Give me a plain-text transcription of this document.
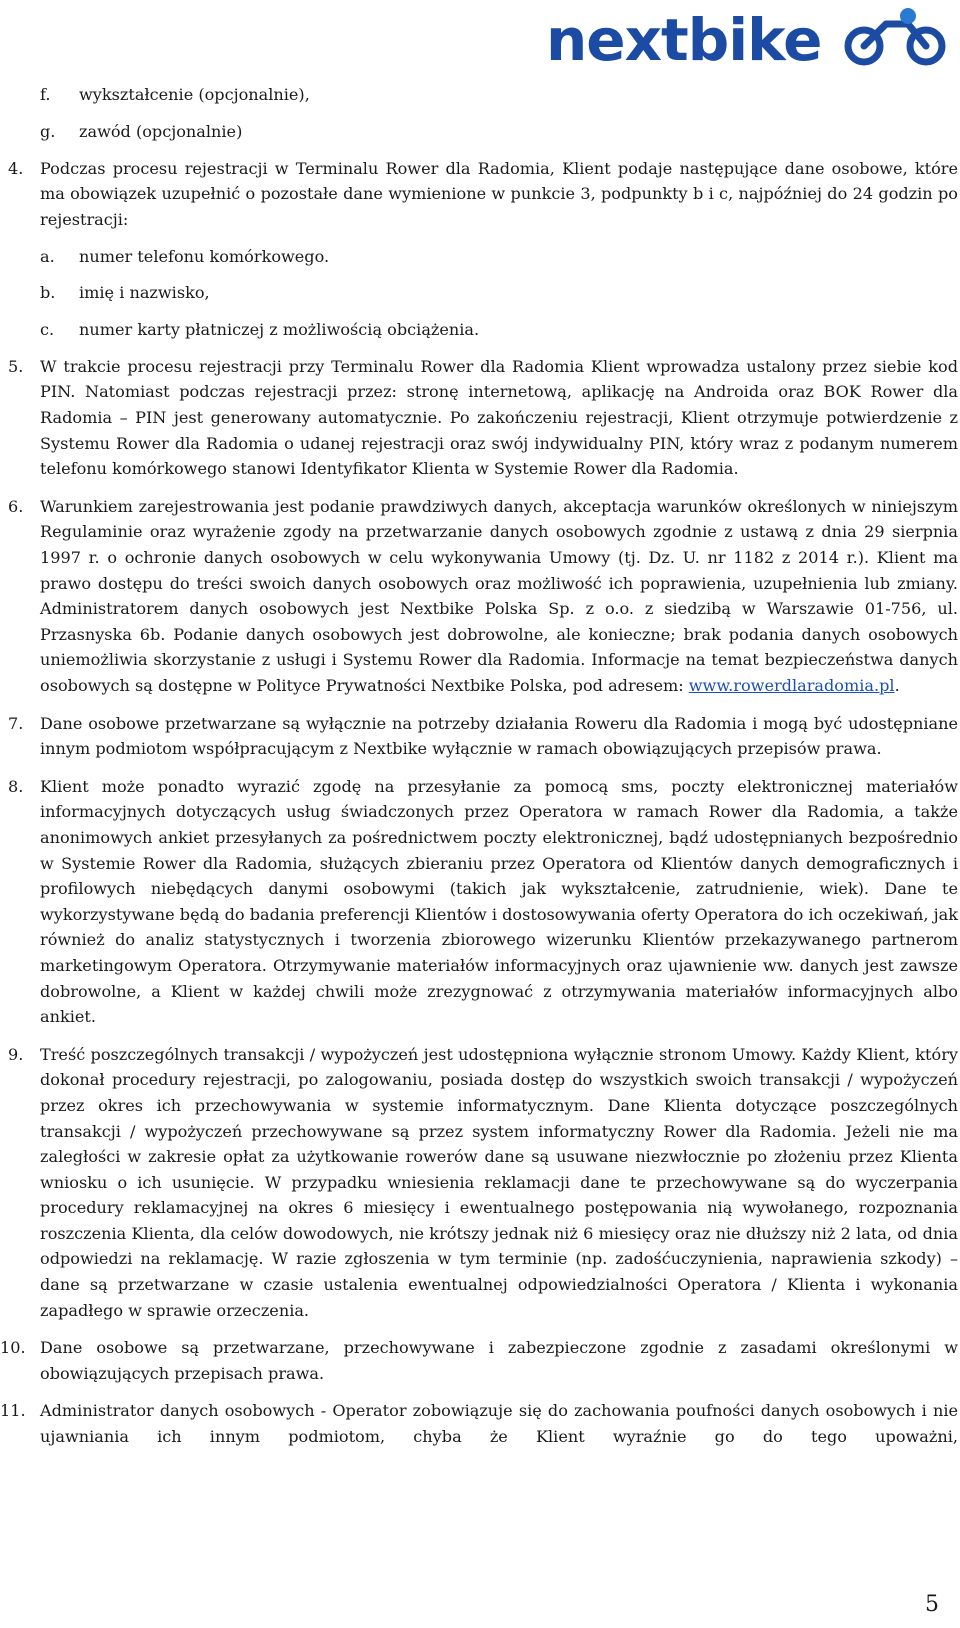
nextbike
f. wykształcenie (opcjonalnie),
g. zawód (opcjonalnie)
4. Podczas procesu rejestracji w Terminalu Rower dla Radomia, Klient podaje następujące dane osobowe, które ma obowiązek uzupełnić o pozostałe dane wymienione w punkcie 3, podpunkty b i c, najpóźniej do 24 godzin po rejestracji:

a. numer telefonu komórkowego.
b. imię i nazwisko,
c. numer karty płatniczej z możliwością obciążenia.
5. W trakcie procesu rejestracji przy Terminalu Rower dla Radomia Klient wprowadza ustalony przez siebie kod PIN. Natomiast podczas rejestracji przez: stronę internetową, aplikację na Androida oraz BOK Rower dla Radomia – PIN jest generowany automatycznie. Po zakończeniu rejestracji, Klient otrzymuje potwierdzenie z Systemu Rower dla Radomia o udanej rejestracji oraz swój indywidualny PIN, który wraz z podanym numerem telefonu komórkowego stanowi Identyfikator Klienta w Systemie Rower dla Radomia.

6. Warunkiem zarejestrowania jest podanie prawdziwych danych, akceptacja warunków określonych w niniejszym Regulaminie oraz wyrażenie zgody na przetwarzanie danych osobowych zgodnie z ustawą z dnia 29 sierpnia 1997 r. o ochronie danych osobowych w celu wykonywania Umowy (tj. Dz. U. nr 1182 z 2014 r.). Klient ma prawo dostępu do treści swoich danych osobowych oraz możliwość ich poprawienia, uzupełnienia lub zmiany. Administratorem danych osobowych jest Nextbike Polska Sp. z o.o. z siedzibą w Warszawie 01-756, ul. Przasnyska 6b. Podanie danych osobowych jest dobrowolne, ale konieczne; brak podania danych osobowych uniemożliwia skorzystanie z usługi i Systemu Rower dla Radomia. Informacje na temat bezpieczeństwa danych osobowych są dostępne w Polityce Prywatności Nextbike Polska, pod adresem: www.rowerdlaradomia.pl.

7. Dane osobowe przetwarzane są wyłącznie na potrzeby działania Roweru dla Radomia i mogą być udostępniane innym podmiotom współpracującym z Nextbike wyłącznie w ramach obowiązujących przepisów prawa.

8. Klient może ponadto wyrazić zgodę na przesyłanie za pomocą sms, poczty elektronicznej materiałów informacyjnych dotyczących usług świadczonych przez Operatora w ramach Rower dla Radomia, a także anonimowych ankiet przesyłanych za pośrednictwem poczty elektronicznej, bądź udostępnianych bezpośrednio w Systemie Rower dla Radomia, służących zbieraniu przez Operatora od Klientów danych demograficznych i profilowych niebędących danymi osobowymi (takich jak wykształcenie, zatrudnienie, wiek). Dane te wykorzystywane będą do badania preferencji Klientów i dostosowywania oferty Operatora do ich oczekiwań, jak również do analiz statystycznych i tworzenia zbiorowego wizerunku Klientów przekazywanego partnerom marketingowym Operatora. Otrzymywanie materiałów informacyjnych oraz ujawnienie ww. danych jest zawsze dobrowolne, a Klient w każdej chwili może zrezygnować z otrzymywania materiałów informacyjnych albo ankiet.

9. Treść poszczególnych transakcji / wypożyczeń jest udostępniona wyłącznie stronom Umowy. Każdy Klient, który dokonał procedury rejestracji, po zalogowaniu, posiada dostęp do wszystkich swoich transakcji / wypożyczeń przez okres ich przechowywania w systemie informatycznym. Dane Klienta dotyczące poszczególnych transakcji / wypożyczeń przechowywane są przez system informatyczny Rower dla Radomia. Jeżeli nie ma zaległości w zakresie opłat za użytkowanie rowerów dane są usuwane niezwłocznie po złożeniu przez Klienta wniosku o ich usunięcie. W przypadku wniesienia reklamacji dane te przechowywane są do wyczerpania procedury reklamacyjnej na okres 6 miesięcy i ewentualnego postępowania nią wywołanego, rozpoznania roszczenia Klienta, dla celów dowodowych, nie krótszy jednak niż 6 miesięcy oraz nie dłuższy niż 2 lata, od dnia odpowiedzi na reklamację. W razie zgłoszenia w tym terminie (np. zadośćuczynienia, naprawienia szkody) – dane są przetwarzane w czasie ustalenia ewentualnej odpowiedzialności Operatora / Klienta i wykonania zapadłego w sprawie orzeczenia.

10. Dane osobowe są przetwarzane, przechowywane i zabezpieczone zgodnie z zasadami określonymi w obowiązujących przepisach prawa.

11. Administrator danych osobowych - Operator zobowiązuje się do zachowania poufności danych osobowych i nie ujawniania ich innym podmiotom, chyba że Klient wyraźnie go do tego upoważni,

5
